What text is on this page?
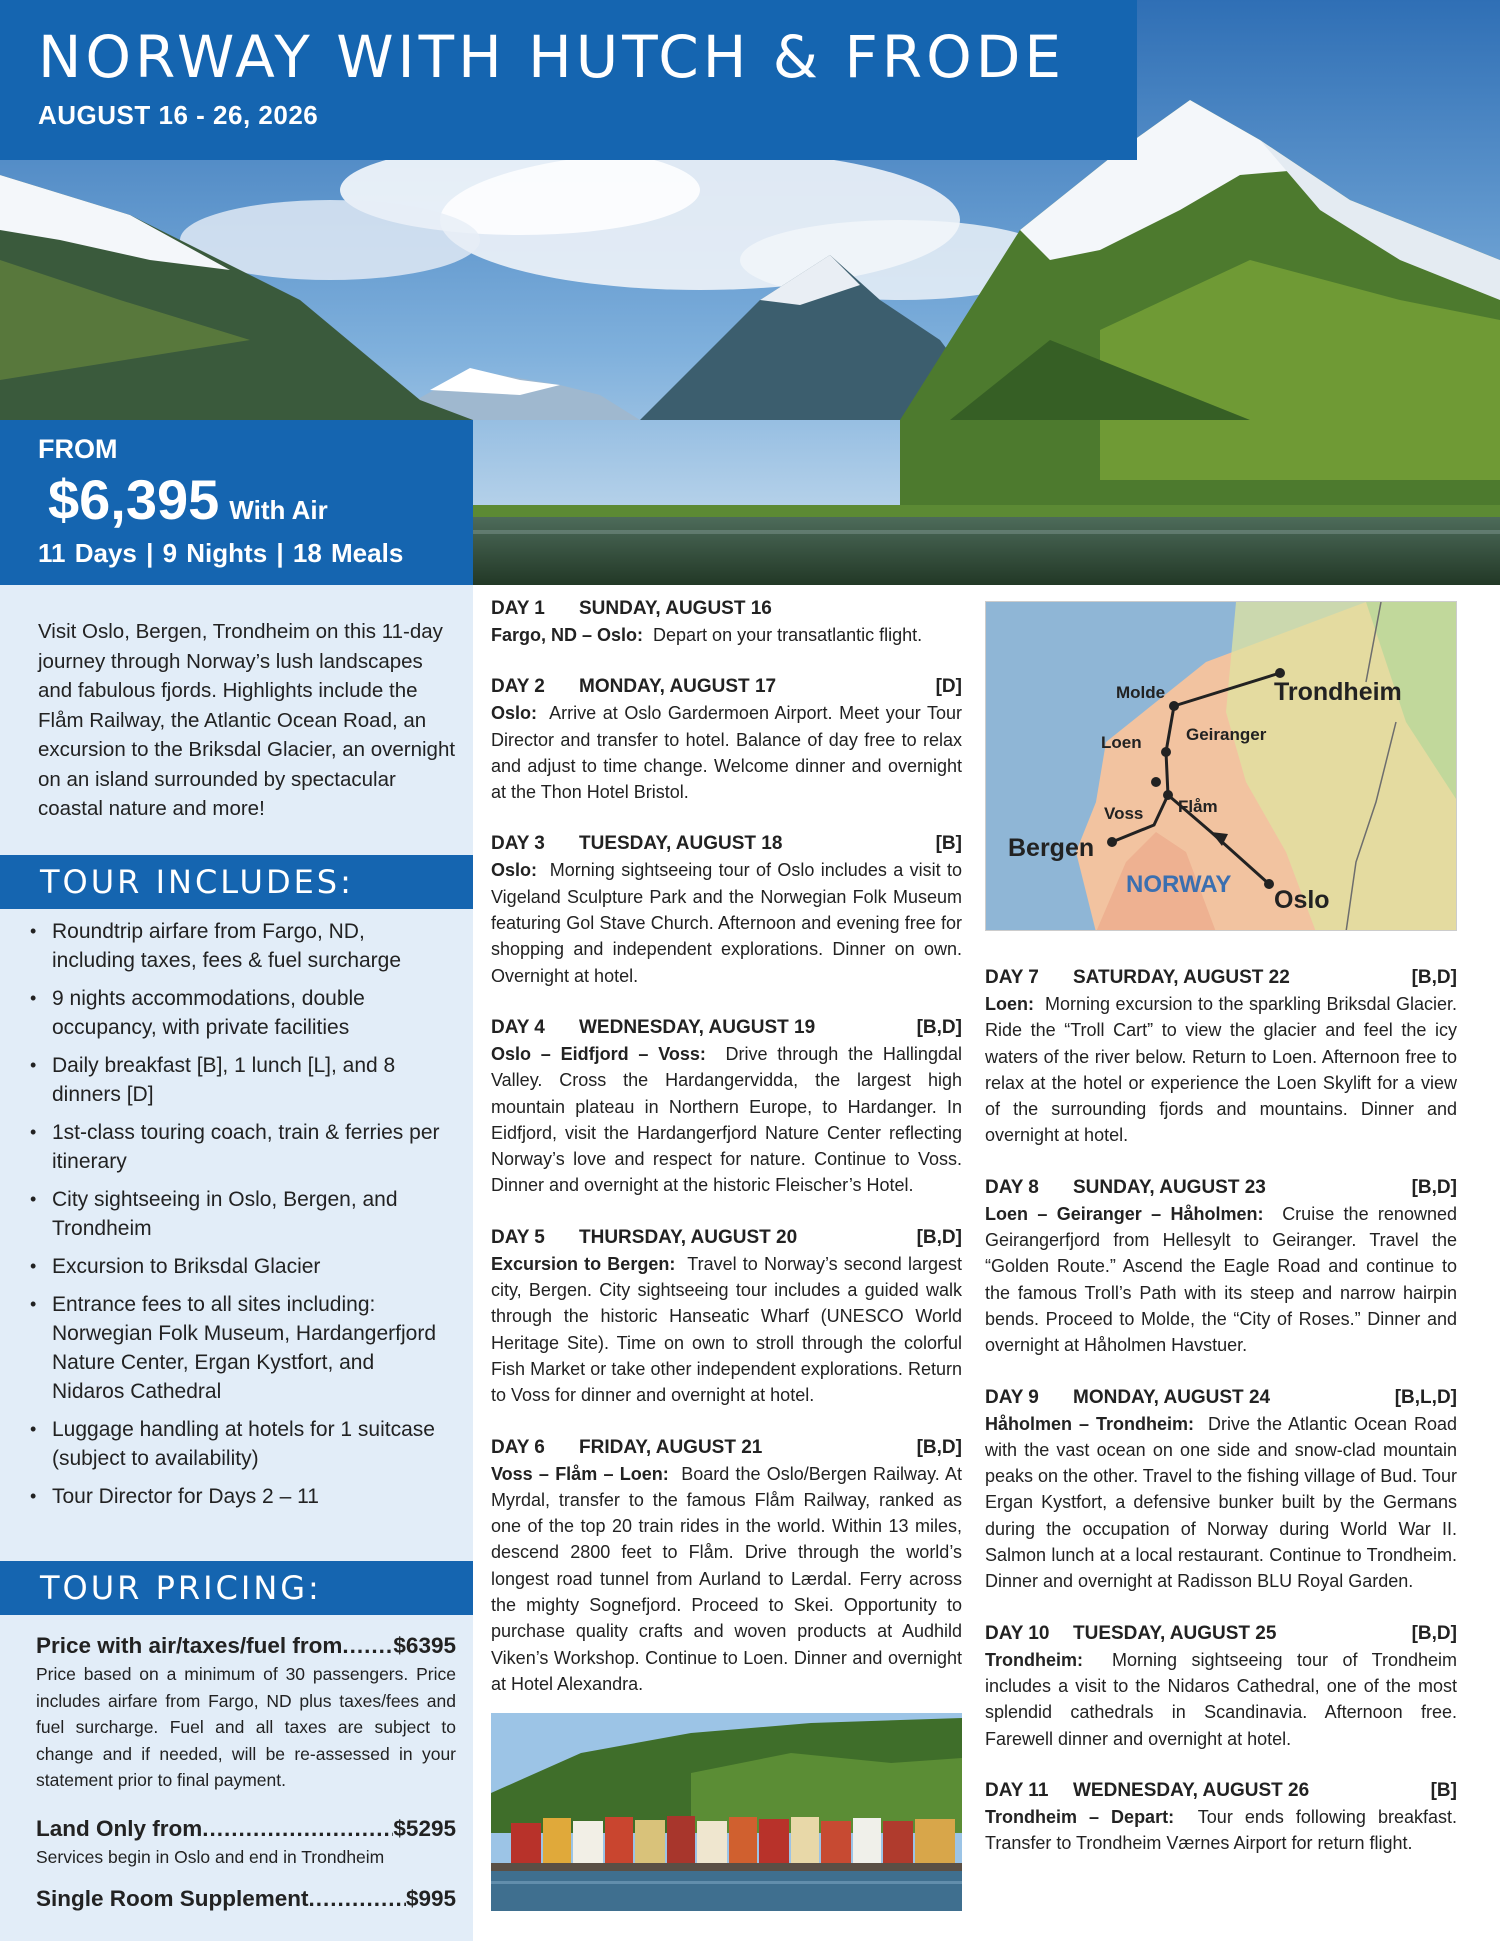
NORWAY WITH HUTCH & FRODE
AUGUST 16 - 26, 2026
FROM
$6,395 With Air
11 Days | 9 Nights | 18 Meals

Visit Oslo, Bergen, Trondheim on this 11-day journey through Norway’s lush landscapes and fabulous fjords. Highlights include the Flåm Railway, the Atlantic Ocean Road, an excursion to the Briksdal Glacier, an overnight on an island surrounded by spectacular coastal nature and more!

TOUR INCLUDES:
• Roundtrip airfare from Fargo, ND, including taxes, fees & fuel surcharge
• 9 nights accommodations, double occupancy, with private facilities
• Daily breakfast [B], 1 lunch [L], and 8 dinners [D]
• 1st-class touring coach, train & ferries per itinerary
• City sightseeing in Oslo, Bergen, and Trondheim
• Excursion to Briksdal Glacier
• Entrance fees to all sites including: Norwegian Folk Museum, Hardangerfjord Nature Center, Ergan Kystfort, and Nidaros Cathedral
• Luggage handling at hotels for 1 suitcase (subject to availability)
• Tour Director for Days 2 – 11
TOUR PRICING:
Price with air/taxes/fuel from ..... $6395

Price based on a minimum of 30 passengers. Price includes airfare from Fargo, ND plus taxes/fees and fuel surcharge. Fuel and all taxes are subject to change and if needed, will be re-assessed in your statement prior to final payment.

Land Only from .....	$5295

Services begin in Oslo and end in Trondheim

Single Room Supplement .....	$995
DAY 1	SUNDAY, AUGUST 16

Fargo, ND – Oslo: Depart on your transatlantic flight.

DAY 2	MONDAY, AUGUST 17	[D]

Oslo: Arrive at Oslo Gardermoen Airport. Meet your Tour Director and transfer to hotel. Balance of day free to relax and adjust to time change. Welcome dinner and overnight at the Thon Hotel Bristol.

DAY 3	TUESDAY, AUGUST 18	[B]

Oslo: Morning sightseeing tour of Oslo includes a visit to Vigeland Sculpture Park and the Norwegian Folk Museum featuring Gol Stave Church. Afternoon and evening free for shopping and independent explorations. Dinner on own. Overnight at hotel.

DAY 4	WEDNESDAY, AUGUST 19	[B,D]

Oslo – Eidfjord – Voss: Drive through the Hallingdal Valley. Cross the Hardangervidda, the largest high mountain plateau in Northern Europe, to Hardanger. In Eidfjord, visit the Hardangerfjord Nature Center reflecting Norway’s love and respect for nature. Continue to Voss. Dinner and overnight at the historic Fleischer’s Hotel.

DAY 5	THURSDAY, AUGUST 20	[B,D]

Excursion to Bergen: Travel to Norway’s second largest city, Bergen. City sightseeing tour includes a guided walk through the historic Hanseatic Wharf (UNESCO World Heritage Site). Time on own to stroll through the colorful Fish Market or take other independent explorations. Return to Voss for dinner and overnight at hotel.

DAY 6	FRIDAY, AUGUST 21	[B,D]

Voss – Flåm – Loen: Board the Oslo/Bergen Railway. At Myrdal, transfer to the famous Flåm Railway, ranked as one of the top 20 train rides in the world. Within 13 miles, descend 2800 feet to Flåm. Drive through the world’s longest road tunnel from Aurland to Lærdal. Ferry across the mighty Sognefjord. Proceed to Skei. Opportunity to purchase quality crafts and woven products at Audhild Viken’s Workshop. Continue to Loen. Dinner and overnight at Hotel Alexandra.

Molde	Trondheim
Geiranger
Loen
Voss Flåm
Bergen
NORWAY
Oslo
DAY 7	SATURDAY, AUGUST 22	[B,D]

Loen: Morning excursion to the sparkling Briksdal Glacier. Ride the “Troll Cart” to view the glacier and feel the icy waters of the river below. Return to Loen. Afternoon free to relax at the hotel or experience the Loen Skylift for a view of the surrounding fjords and mountains. Dinner and overnight at hotel.

DAY 8	SUNDAY, AUGUST 23	[B,D]

Loen – Geiranger – Håholmen: Cruise the renowned Geirangerfjord from Hellesylt to Geiranger. Travel the “Golden Route.” Ascend the Eagle Road and continue to the famous Troll’s Path with its steep and narrow hairpin bends. Proceed to Molde, the “City of Roses.” Dinner and overnight at Håholmen Havstuer.

DAY 9	MONDAY, AUGUST 24	[B,L,D]

Håholmen – Trondheim: Drive the Atlantic Ocean Road with the vast ocean on one side and snow-clad mountain peaks on the other. Travel to the fishing village of Bud. Tour Ergan Kystfort, a defensive bunker built by the Germans during the occupation of Norway during World War II. Salmon lunch at a local restaurant. Continue to Trondheim. Dinner and overnight at Radisson BLU Royal Garden.

DAY 10	TUESDAY, AUGUST 25	[B,D]

Trondheim: Morning sightseeing tour of Trondheim includes a visit to the Nidaros Cathedral, one of the most splendid cathedrals in Scandinavia. Afternoon free. Farewell dinner and overnight at hotel.

DAY 11	WEDNESDAY, AUGUST 26	[B]

Trondheim – Depart: Tour ends following breakfast. Transfer to Trondheim Værnes Airport for return flight.
